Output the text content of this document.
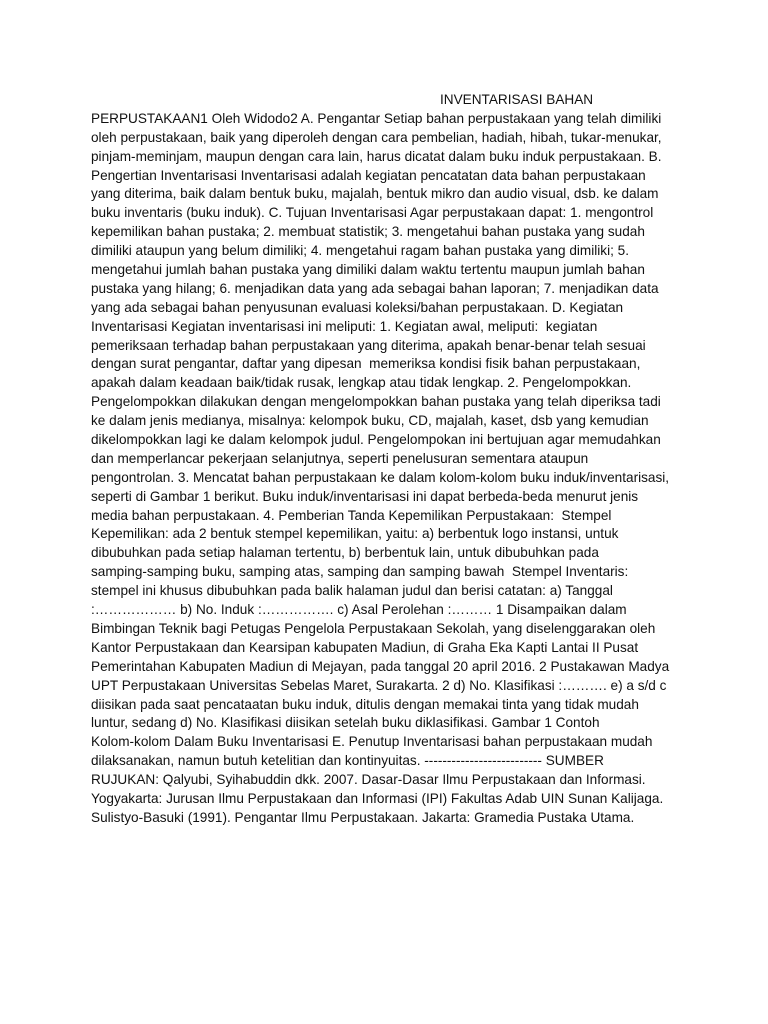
INVENTARISASI BAHAN
PERPUSTAKAAN1 Oleh Widodo2 A. Pengantar Setiap bahan perpustakaan yang telah dimiliki
oleh perpustakaan, baik yang diperoleh dengan cara pembelian, hadiah, hibah, tukar-menukar,
pinjam-meminjam, maupun dengan cara lain, harus dicatat dalam buku induk perpustakaan. B.
Pengertian Inventarisasi Inventarisasi adalah kegiatan pencatatan data bahan perpustakaan
yang diterima, baik dalam bentuk buku, majalah, bentuk mikro dan audio visual, dsb. ke dalam
buku inventaris (buku induk). C. Tujuan Inventarisasi Agar perpustakaan dapat: 1. mengontrol
kepemilikan bahan pustaka; 2. membuat statistik; 3. mengetahui bahan pustaka yang sudah
dimiliki ataupun yang belum dimiliki; 4. mengetahui ragam bahan pustaka yang dimiliki; 5.
mengetahui jumlah bahan pustaka yang dimiliki dalam waktu tertentu maupun jumlah bahan
pustaka yang hilang; 6. menjadikan data yang ada sebagai bahan laporan; 7. menjadikan data
yang ada sebagai bahan penyusunan evaluasi koleksi/bahan perpustakaan. D. Kegiatan
Inventarisasi Kegiatan inventarisasi ini meliputi: 1. Kegiatan awal, meliputi:  kegiatan
pemeriksaan terhadap bahan perpustakaan yang diterima, apakah benar-benar telah sesuai
dengan surat pengantar, daftar yang dipesan  memeriksa kondisi fisik bahan perpustakaan,
apakah dalam keadaan baik/tidak rusak, lengkap atau tidak lengkap. 2. Pengelompokkan.
Pengelompokkan dilakukan dengan mengelompokkan bahan pustaka yang telah diperiksa tadi
ke dalam jenis medianya, misalnya: kelompok buku, CD, majalah, kaset, dsb yang kemudian
dikelompokkan lagi ke dalam kelompok judul. Pengelompokan ini bertujuan agar memudahkan
dan memperlancar pekerjaan selanjutnya, seperti penelusuran sementara ataupun
pengontrolan. 3. Mencatat bahan perpustakaan ke dalam kolom-kolom buku induk/inventarisasi,
seperti di Gambar 1 berikut. Buku induk/inventarisasi ini dapat berbeda-beda menurut jenis
media bahan perpustakaan. 4. Pemberian Tanda Kepemilikan Perpustakaan:  Stempel
Kepemilikan: ada 2 bentuk stempel kepemilikan, yaitu: a) berbentuk logo instansi, untuk
dibubuhkan pada setiap halaman tertentu, b) berbentuk lain, untuk dibubuhkan pada
samping-samping buku, samping atas, samping dan samping bawah  Stempel Inventaris:
stempel ini khusus dibubuhkan pada balik halaman judul dan berisi catatan: a) Tanggal
:……………… b) No. Induk :……………. c) Asal Perolehan :……… 1 Disampaikan dalam
Bimbingan Teknik bagi Petugas Pengelola Perpustakaan Sekolah, yang diselenggarakan oleh
Kantor Perpustakaan dan Kearsipan kabupaten Madiun, di Graha Eka Kapti Lantai II Pusat
Pemerintahan Kabupaten Madiun di Mejayan, pada tanggal 20 april 2016. 2 Pustakawan Madya
UPT Perpustakaan Universitas Sebelas Maret, Surakarta. 2 d) No. Klasifikasi :………. e) a s/d c
diisikan pada saat pencataatan buku induk, ditulis dengan memakai tinta yang tidak mudah
luntur, sedang d) No. Klasifikasi diisikan setelah buku diklasifikasi. Gambar 1 Contoh
Kolom-kolom Dalam Buku Inventarisasi E. Penutup Inventarisasi bahan perpustakaan mudah
dilaksanakan, namun butuh ketelitian dan kontinyuitas. -------------------------- SUMBER
RUJUKAN: Qalyubi, Syihabuddin dkk. 2007. Dasar-Dasar Ilmu Perpustakaan dan Informasi.
Yogyakarta: Jurusan Ilmu Perpustakaan dan Informasi (IPI) Fakultas Adab UIN Sunan Kalijaga.
Sulistyo-Basuki (1991). Pengantar Ilmu Perpustakaan. Jakarta: Gramedia Pustaka Utama.
